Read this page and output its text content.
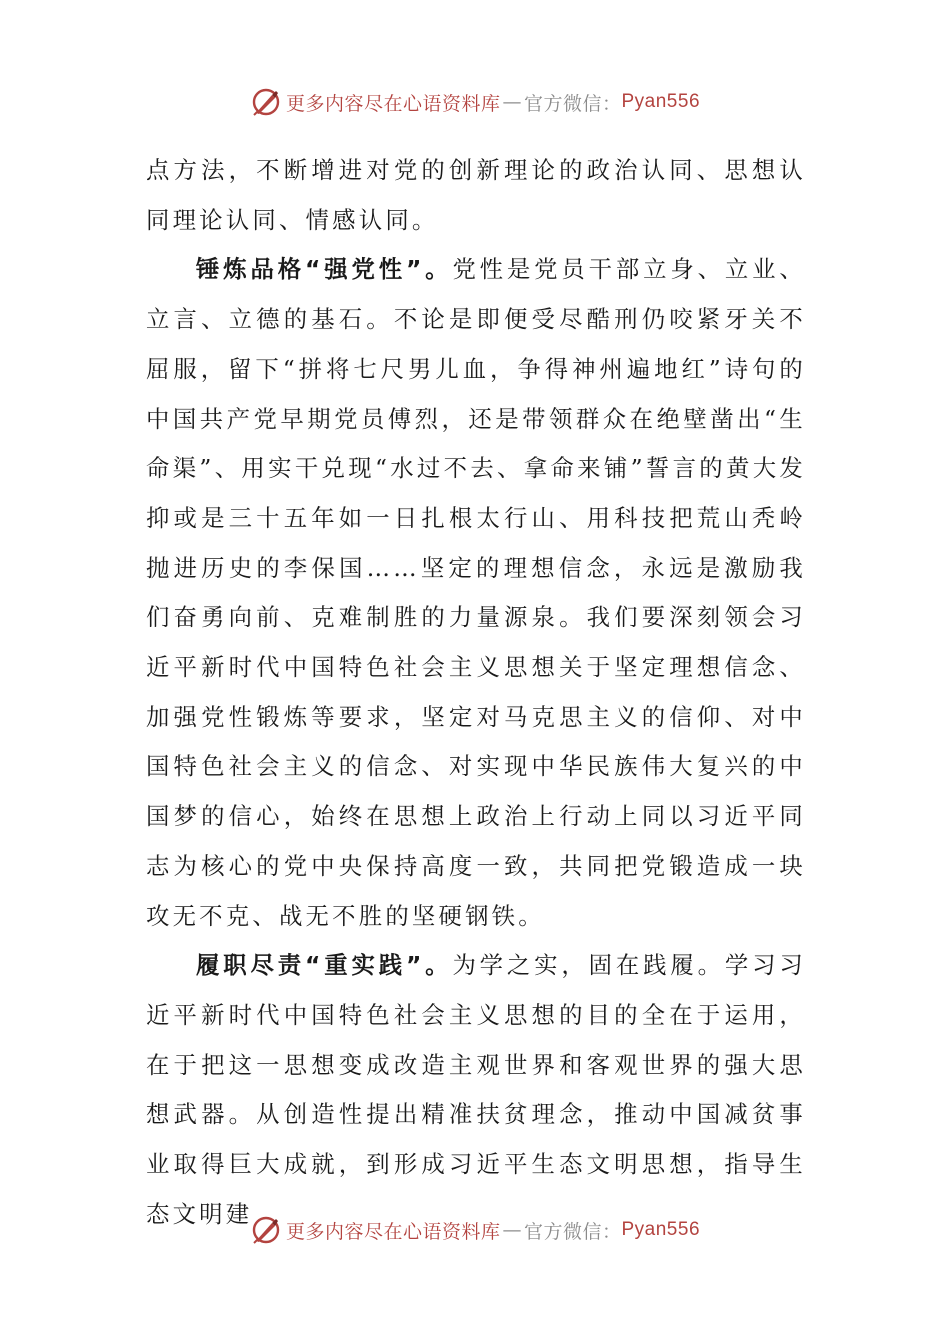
更多内容尽在心语资料库 — 官方微信： Pyan556

点方法，不断增进对党的创新理论的政治认同、思想认同理论认同、情感认同。

锤炼品格“强党性”。党性是党员干部立身、立业、立言、立德的基石。不论是即便受尽酷刑仍咬紧牙关不屈服，留下“拼将七尺男儿血，争得神州遍地红”诗句的中国共产党早期党员傅烈，还是带领群众在绝壁凿出“生命渠”、用实干兑现“水过不去、拿命来铺”誓言的黄大发抑或是三十五年如一日扎根太行山、用科技把荒山秃岭抛进历史的李保国……坚定的理想信念，永远是激励我们奋勇向前、克难制胜的力量源泉。我们要深刻领会习近平新时代中国特色社会主义思想关于坚定理想信念、加强党性锻炼等要求，坚定对马克思主义的信仰、对中国特色社会主义的信念、对实现中华民族伟大复兴的中国梦的信心，始终在思想上政治上行动上同以习近平同志为核心的党中央保持高度一致，共同把党锻造成一块攻无不克、战无不胜的坚硬钢铁。

履职尽责“重实践”。为学之实，固在践履。学习习近平新时代中国特色社会主义思想的目的全在于运用，在于把这一思想变成改造主观世界和客观世界的强大思想武器。从创造性提出精准扶贫理念，推动中国减贫事业取得巨大成就，到形成习近平生态文明思想，指导生态文明建

更多内容尽在心语资料库 — 官方微信： Pyan556
